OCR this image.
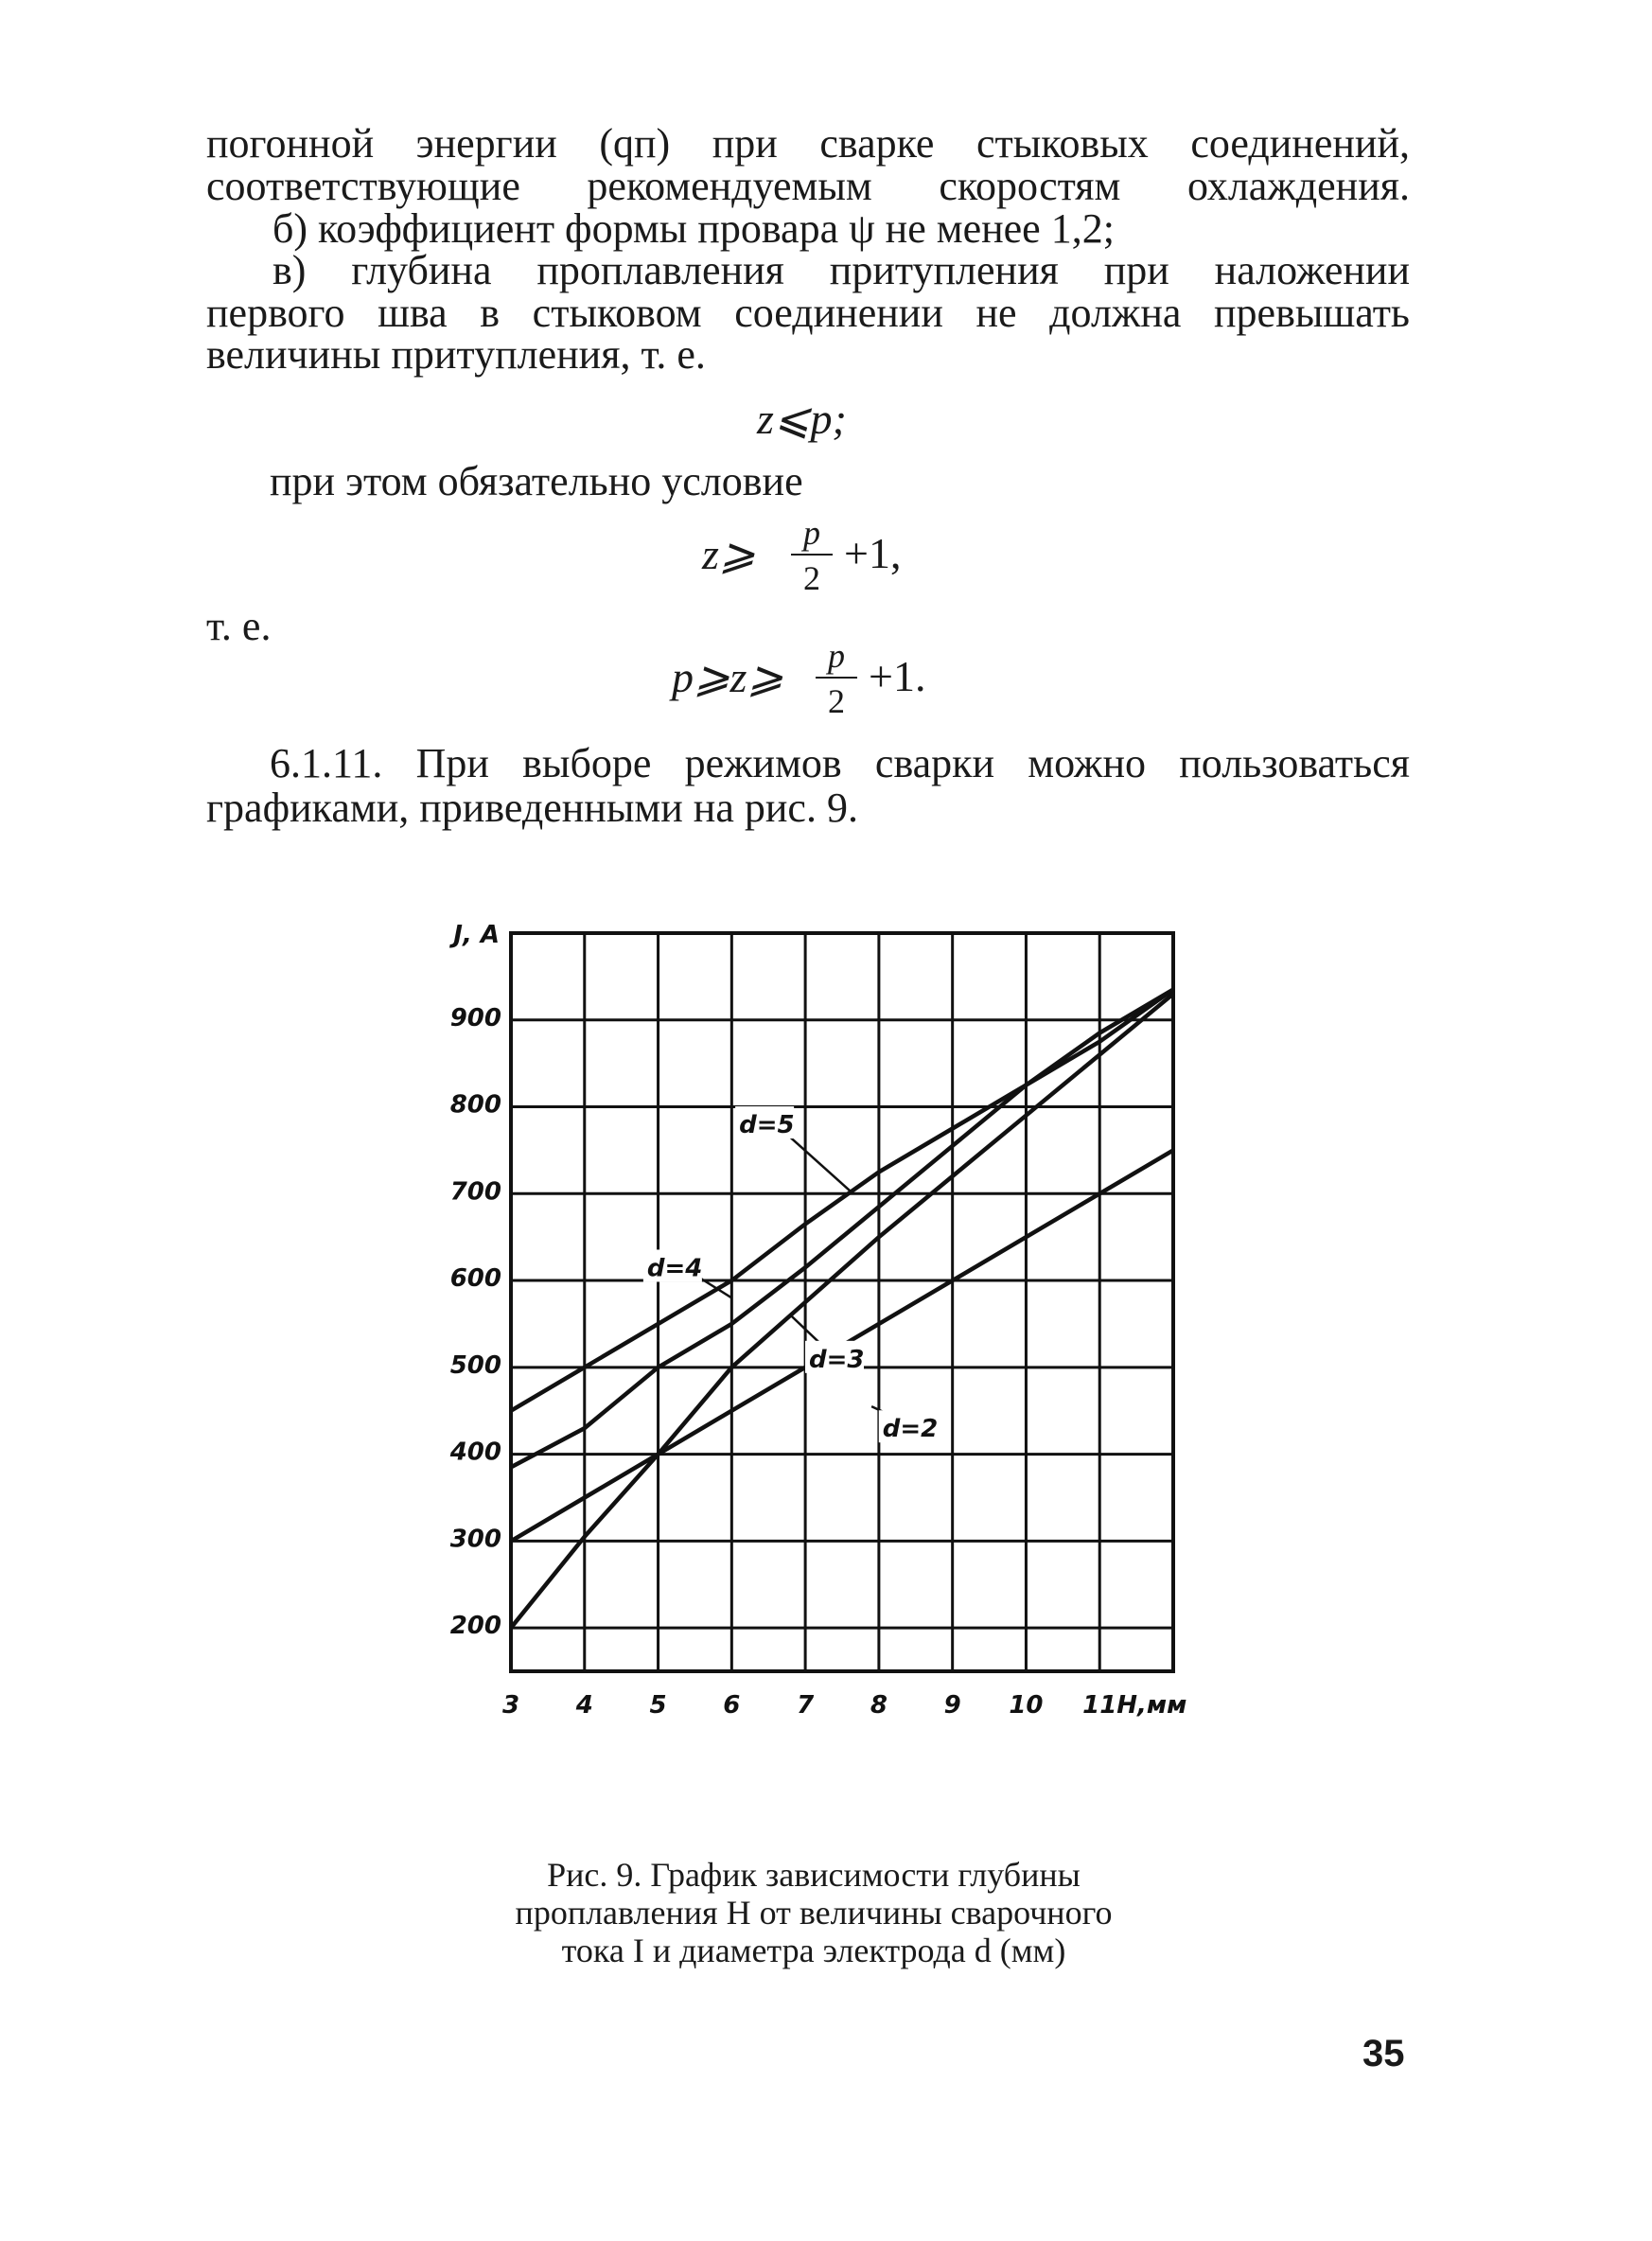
погонной энергии (qп) при сварке стыковых соединений,
соответствующие рекомендуемым скоростям охлаждения.
б) коэффициент формы провара ψ не менее 1,2;
в) глубина проплавления притупления при наложении
первого шва в стыковом соединении не должна превышать
величины притупления, т. е.
z⩽p;
при этом обязательно условие
z⩾	p
2
+1,
т. е.
p⩾z⩾	p
2
+1.
6.1.11. При выборе режимов сварки можно пользоваться
графиками, приведенными на рис. 9.
200
300
400
500
600
700
800
900
J, A
3 4 5 6 7 8 9 10 11 H,мм
d=5
d=4
d=3
d=2
Рис. 9. График зависимости глубины
проплавления H от величины сварочного
тока I и диаметра электрода d (мм)
35
